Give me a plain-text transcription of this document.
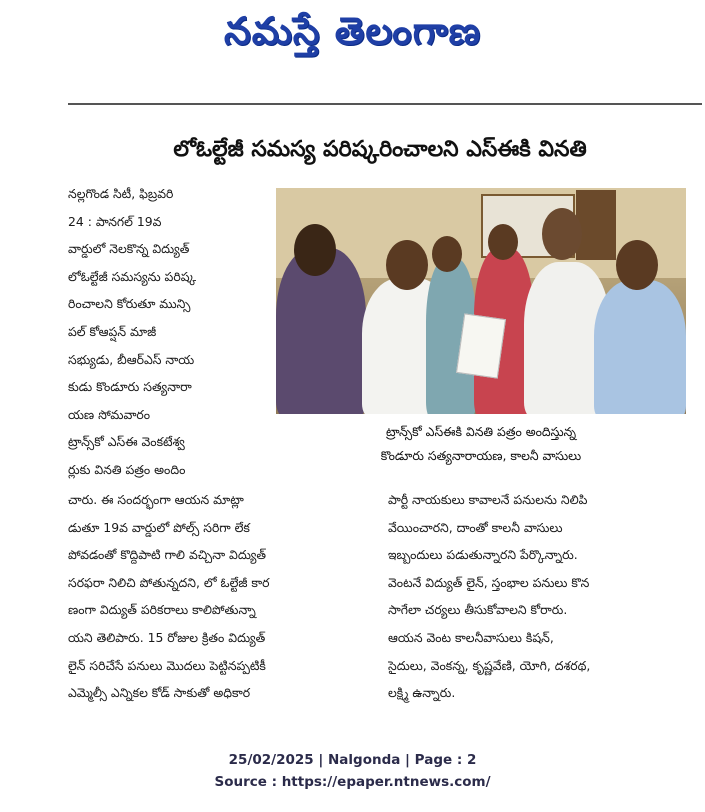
నమస్తే తెలంగాణ
లోఓల్టేజీ సమస్య పరిష్కరించాలని ఎస్ఈకి వినతి
నల్లగొండ సిటీ, ఫిబ్రవరి
24 : పానగల్ 19వ
వార్డులో నెలకొన్న విద్యుత్
లోఓల్టేజీ సమస్యను పరిష్క
రించాలని కోరుతూ మున్సి
పల్ కోఆప్షన్ మాజీ
సభ్యుడు, బీఆర్ఎస్ నాయ
కుడు కొండూరు సత్యనారా
యణ సోమవారం
ట్రాన్స్‌కో ఎస్ఈ వెంకటేశ్వ
ర్లుకు వినతి పత్రం అందిం
ట్రాన్స్‌కో ఎస్ఈకి వినతి పత్రం అందిస్తున్న
కొండూరు సత్యనారాయణ, కాలనీ వాసులు
చారు. ఈ సందర్భంగా ఆయన మాట్లా
డుతూ 19వ వార్డులో పోల్స్ సరిగా లేక
పోవడంతో కొద్దిపాటి గాలి వచ్చినా విద్యుత్
సరఫరా నిలిచి పోతున్నదని, లో ఓల్టేజీ కార
ణంగా విద్యుత్ పరికరాలు కాలిపోతున్నా
యని తెలిపారు. 15 రోజుల క్రితం విద్యుత్
లైన్ సరిచేసే పనులు మొదలు పెట్టినప్పటికీ
ఎమ్మెల్సీ ఎన్నికల కోడ్ సాకుతో అధికార
పార్టీ నాయకులు కావాలనే పనులను నిలిపి
వేయించారని, దాంతో కాలనీ వాసులు
ఇబ్బందులు పడుతున్నారని పేర్కొన్నారు.
వెంటనే విద్యుత్ లైన్, స్తంభాల పనులు కొన
సాగేలా చర్యలు తీసుకోవాలని కోరారు.
ఆయన వెంట కాలనీవాసులు కిషన్,
సైదులు, వెంకన్న, కృష్ణవేణి, యోగి, దశరథ,
లక్ష్మి ఉన్నారు.
25/02/2025 | Nalgonda | Page : 2
Source : https://epaper.ntnews.com/
